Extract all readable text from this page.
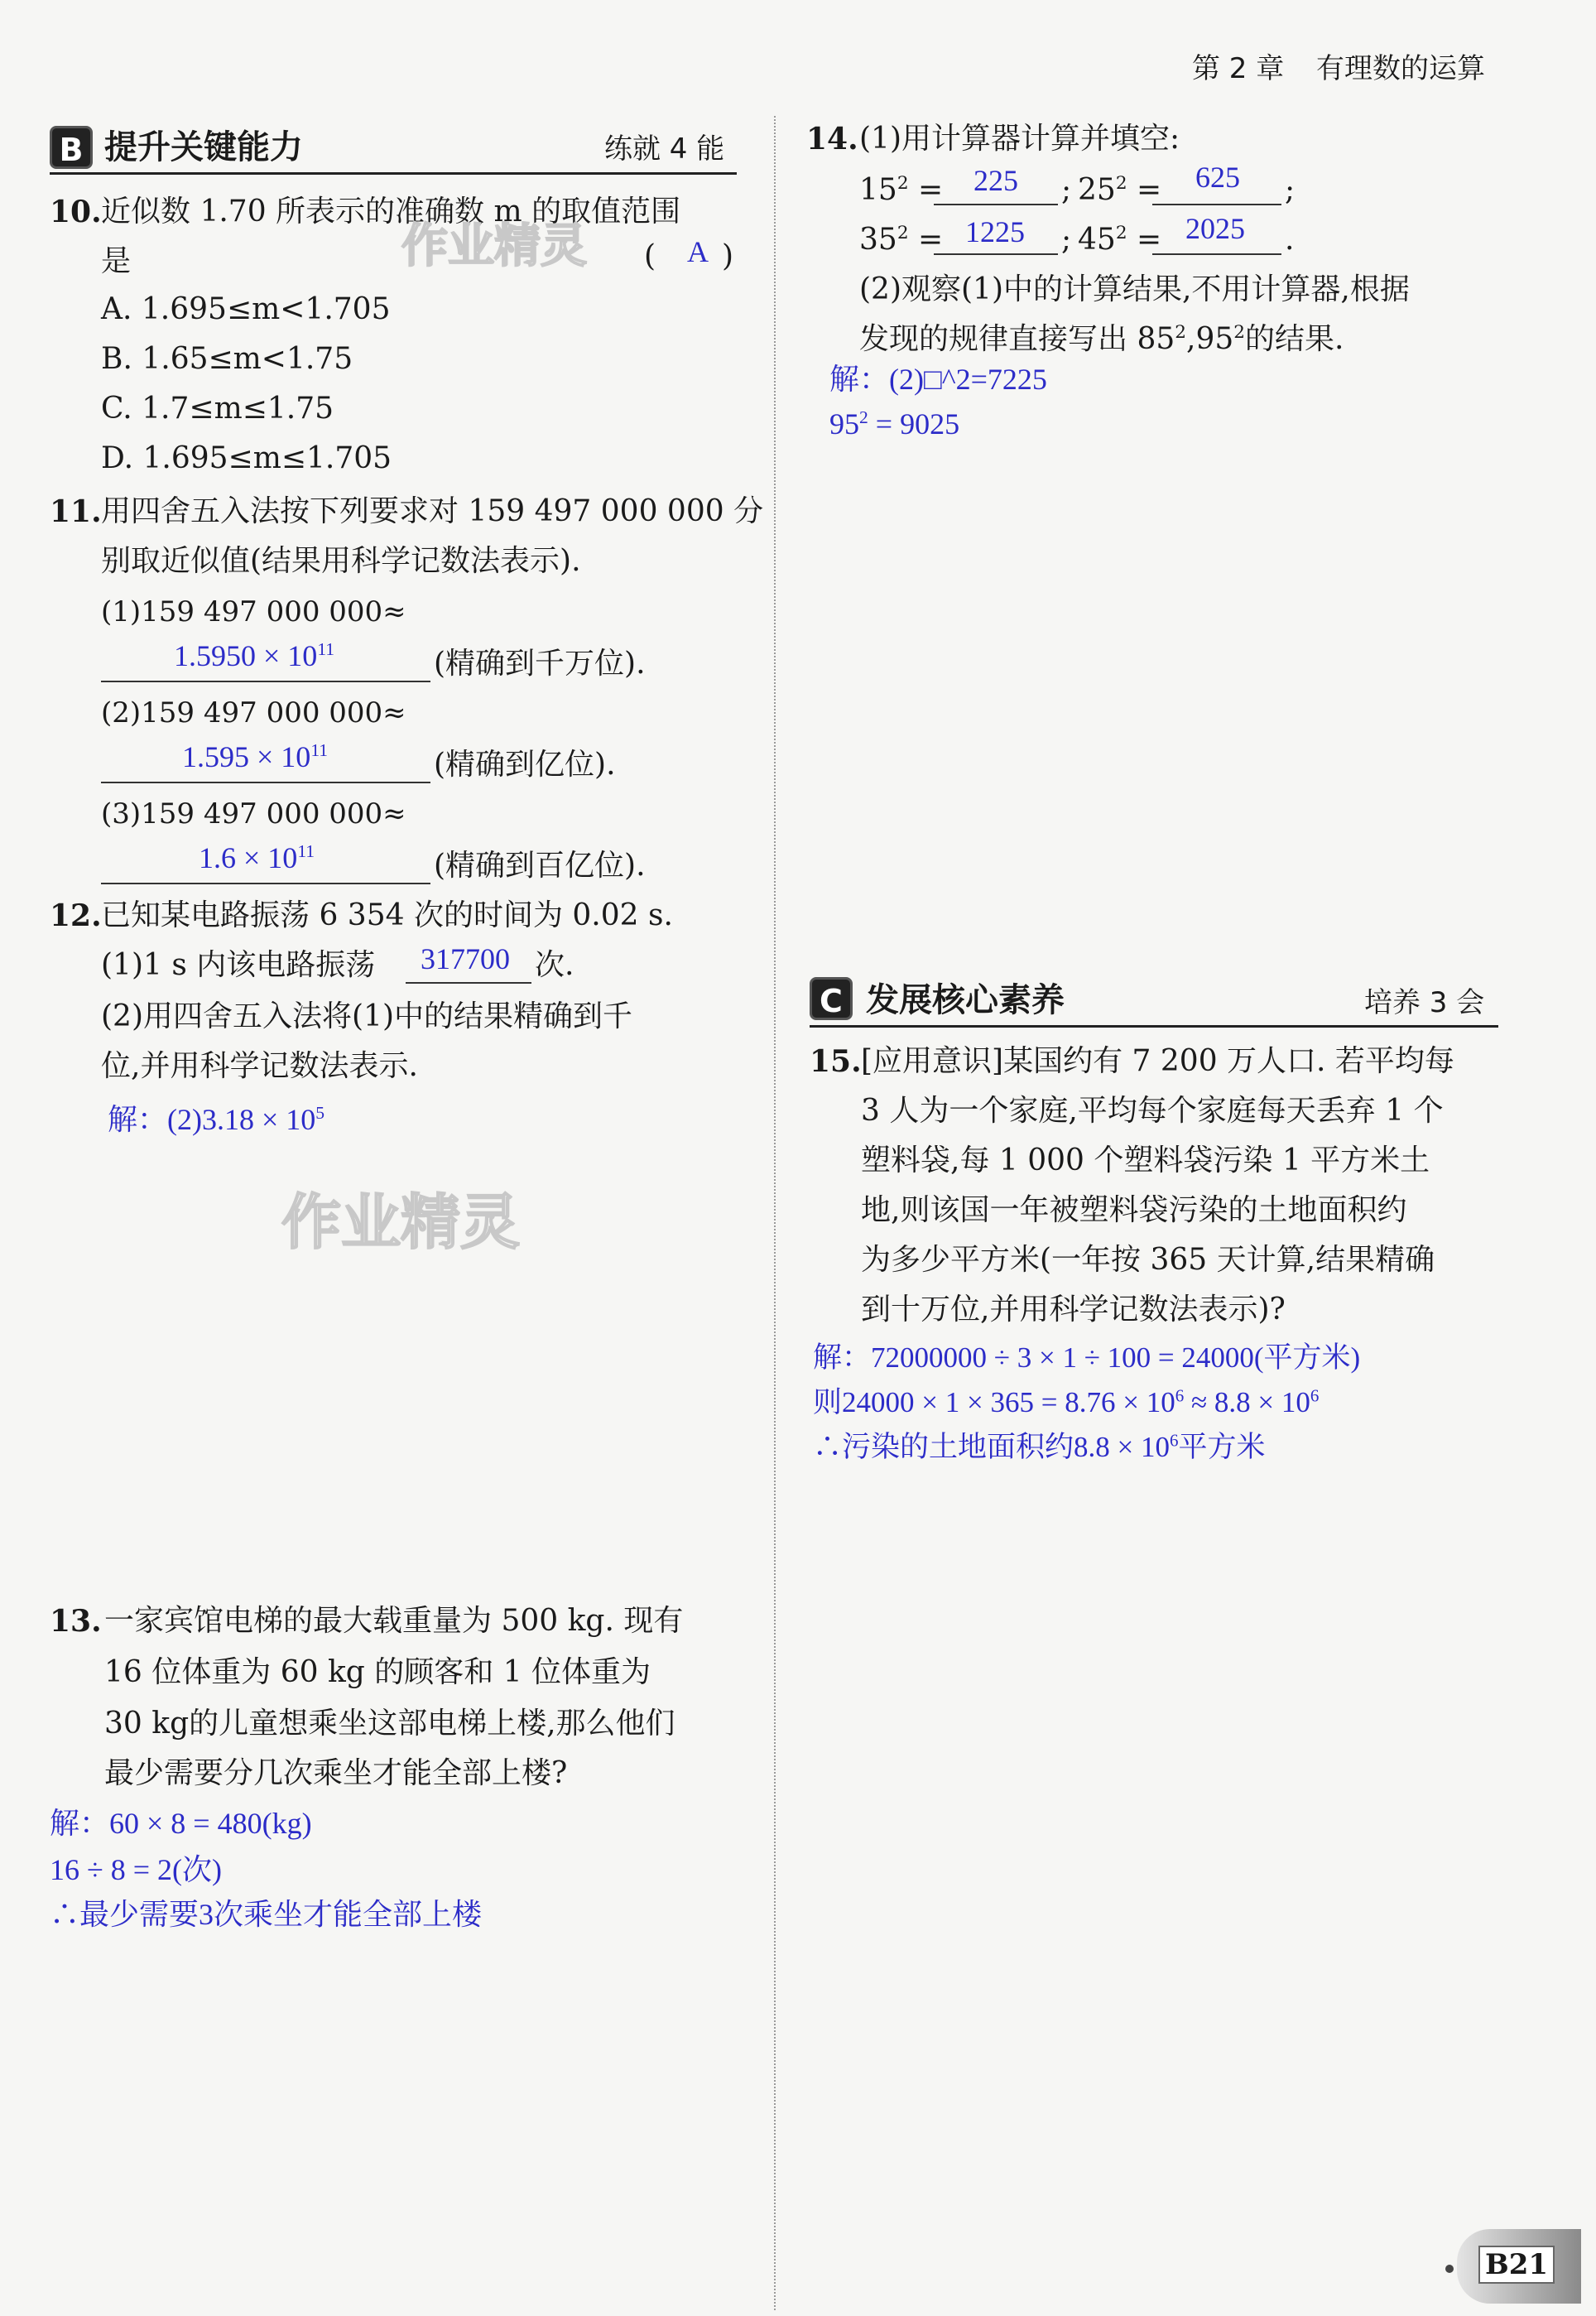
第 2 章 有理数的运算
B 提升关键能力	练就 4 能
10. 近似数 1.70 所表示的准确数 m 的取值范围
是	( A )
作业精灵
A. 1.695≤m<1.705
B. 1.65≤m<1.75
C. 1.7≤m≤1.75
D. 1.695≤m≤1.705
11. 用四舍五入法按下列要求对 159 497 000 000 分
别取近似值(结果用科学记数法表示).
(1)159 497 000 000≈
$1.5950 \times 10^{11}$	(精确到千万位).
(2)159 497 000 000≈
$1.595 \times 10^{11}$	(精确到亿位).
(3)159 497 000 000≈
$1.6 \times 10^{11}$	(精确到百亿位).
12. 已知某电路振荡 6 354 次的时间为 0.02 s.
(1)1 s 内该电路振荡 317700 次.
(2)用四舍五入法将(1)中的结果精确到千
位,并用科学记数法表示.
解：$(2)3.18 \times 10^5$
作业精灵
13. 一家宾馆电梯的最大载重量为 500 kg. 现有
16 位体重为 60 kg 的顾客和 1 位体重为
30 kg的儿童想乘坐这部电梯上楼,那么他们
最少需要分几次乘坐才能全部上楼?
解：60 × 8 = 480(kg)
16 ÷ 8 = 2(次)
∴最少需要3次乘坐才能全部上楼
14. (1)用计算器计算并填空:
$15^2 = 225$ ; $25^2 = 625$ ;
$35^2 = 1225$ ; $45^2 = 2025$ .
(2)观察(1)中的计算结果,不用计算器,根据
发现的规律直接写出 $85^2,95^2$的结果.
解：(2)□^2=7225
$95^2 = 9025$
C 发展核心素养	培养 3 会
15. [应用意识]某国约有 7 200 万人口. 若平均每
3 人为一个家庭,平均每个家庭每天丢弃 1 个
塑料袋,每 1 000 个塑料袋污染 1 平方米土
地,则该国一年被塑料袋污染的土地面积约
为多少平方米(一年按 365 天计算,结果精确
到十万位,并用科学记数法表示)?
解：72000000 ÷ 3 × 1 ÷ 100 = 24000(平方米)
则$24000 \times 1 \times 365 = 8.76 \times 10^6 \approx 8.8 \times 10^6$
∴污染的土地面积约$8.8 \times 10^6$平方米
B21
